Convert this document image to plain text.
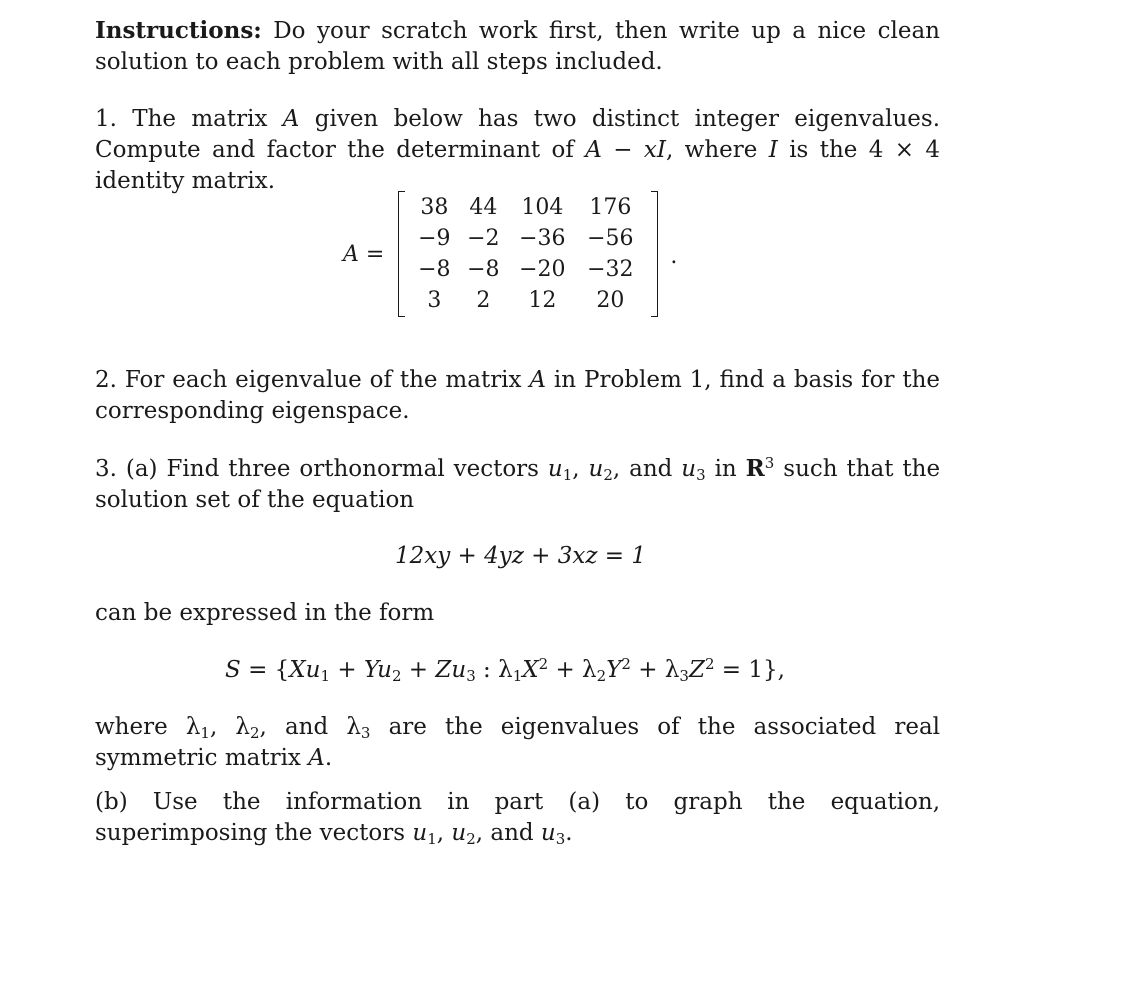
Instructions: Do your scratch work first, then write up a nice clean solution to each problem with all steps included.

1. The matrix A given below has two distinct integer eigenvalues. Compute and factor the determinant of A − xI, where I is the 4 × 4 identity matrix.

A =
38 44	104	176
−9 −2 −36 −56
−8 −8 −20 −32
3	2	12	20
.

2. For each eigenvalue of the matrix A in Problem 1, find a basis for the corresponding eigenspace.

3. (a) Find three orthonormal vectors $u_1$, $u_2$, and $u_3$ in $R^3$ such that the solution set of the equation

12xy + 4yz + 3xz = 1

can be expressed in the form

$S = \{Xu_1 + Yu_2 + Zu_3$ : $\lambda_1X^2 + \lambda_2Y^2 + \lambda_3Z^2 = 1$},

where $\lambda_1$, $\lambda_2$, and $\lambda_3$ are the eigenvalues of the associated real symmetric matrix A.

(b) Use the information in part (a) to graph the equation, superimposing the vectors $u_1$, $u_2$, and $u_3$.
